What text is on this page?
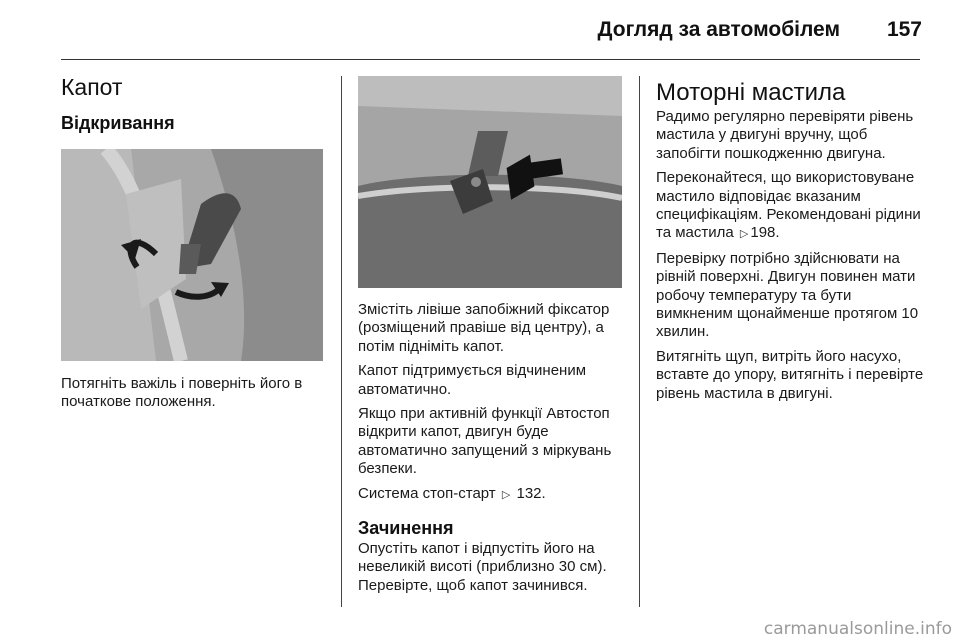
Догляд за автомобілем	157
Капот
Відкривання

Потягніть важіль і поверніть його в початкове положення.

Змістіть лівіше запобіжний фіксатор (розміщений правіше від центру), а потім підніміть капот.

Капот підтримується відчиненим автоматично.

Якщо при активній функції Автостоп відкрити капот, двигун буде автоматично запущений з міркувань безпеки.

Система стоп-старт ▷ 132.

Зачинення

Опустіть капот і відпустіть його на невеликій висоті (приблизно 30 см). Перевірте, щоб капот зачинився.

Моторні мастила

Радимо регулярно перевіряти рівень мастила у двигуні вручну, щоб запобігти пошкодженню двигуна.

Переконайтеся, що використовуване мастило відповідає вказаним специфікаціям. Рекомендовані рідини та мастила ▷ 198.

Перевірку потрібно здійснювати на рівній поверхні. Двигун повинен мати робочу температуру та бути вимкненим щонайменше протягом 10 хвилин.

Витягніть щуп, витріть його насухо, вставте до упору, витягніть і перевірте рівень мастила в двигуні.

carmanualsonline.info
